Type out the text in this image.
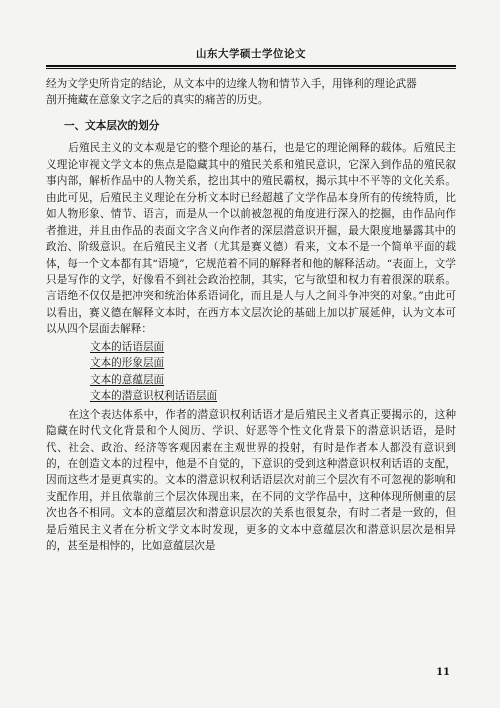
山东大学硕士学位论文

经为文学史所肯定的结论，从文本中的边缘人物和情节入手，用锋利的理论武器

剖开掩藏在意象文字之后的真实的痛苦的历史。

一、文本层次的划分

后殖民主义的文本观是它的整个理论的基石，也是它的理论阐释的载体。后殖民主义理论审视文学文本的焦点是隐藏其中的殖民关系和殖民意识，它深入到作品的殖民叙事内部，解析作品中的人物关系，挖出其中的殖民霸权，揭示其中不平等的文化关系。由此可见，后殖民主义理论在分析文本时已经超越了文学作品本身所有的传统特质，比如人物形象、情节、语言，而是从一个以前被忽视的角度进行深入的挖掘，由作品向作者推进，并且由作品的表面文字含义向作者的深层潜意识开掘，最大限度地暴露其中的政治、阶级意识。在后殖民主义者（尤其是赛义德）看来，文本不是一个简单平面的载体，每一个文本都有其“语境”，它规范着不同的解释者和他的解释活动。“表面上，文学只是写作的文学，好像看不到社会政治控制，其实，它与欲望和权力有着很深的联系。言语绝不仅仅是把冲突和统治体系语词化，而且是人与人之间斗争冲突的对象。”由此可以看出，赛义德在解释文本时，在西方本文层次论的基础上加以扩展延伸，认为文本可以从四个层面去解释：

文本的话语层面
文本的形象层面
文本的意蕴层面
文本的潜意识权利话语层面

在这个表达体系中，作者的潜意识权利话语才是后殖民主义者真正要揭示的，这种隐藏在时代文化背景和个人阅历、学识、好恶等个性文化背景下的潜意识话语，是时代、社会、政治、经济等客观因素在主观世界的投射，有时是作者本人都没有意识到的，在创造文本的过程中，他是不自觉的，下意识的受到这种潜意识权利话语的支配，因而这些才是更真实的。文本的潜意识权利话语层次对前三个层次有不可忽视的影响和支配作用，并且依靠前三个层次体现出来，在不同的文学作品中，这种体现所侧重的层次也各不相同。文本的意蕴层次和潜意识层次的关系也很复杂，有时二者是一致的，但是后殖民主义者在分析文学文本时发现，更多的文本中意蕴层次和潜意识层次是相异的，甚至是相悖的，比如意蕴层次是

11
